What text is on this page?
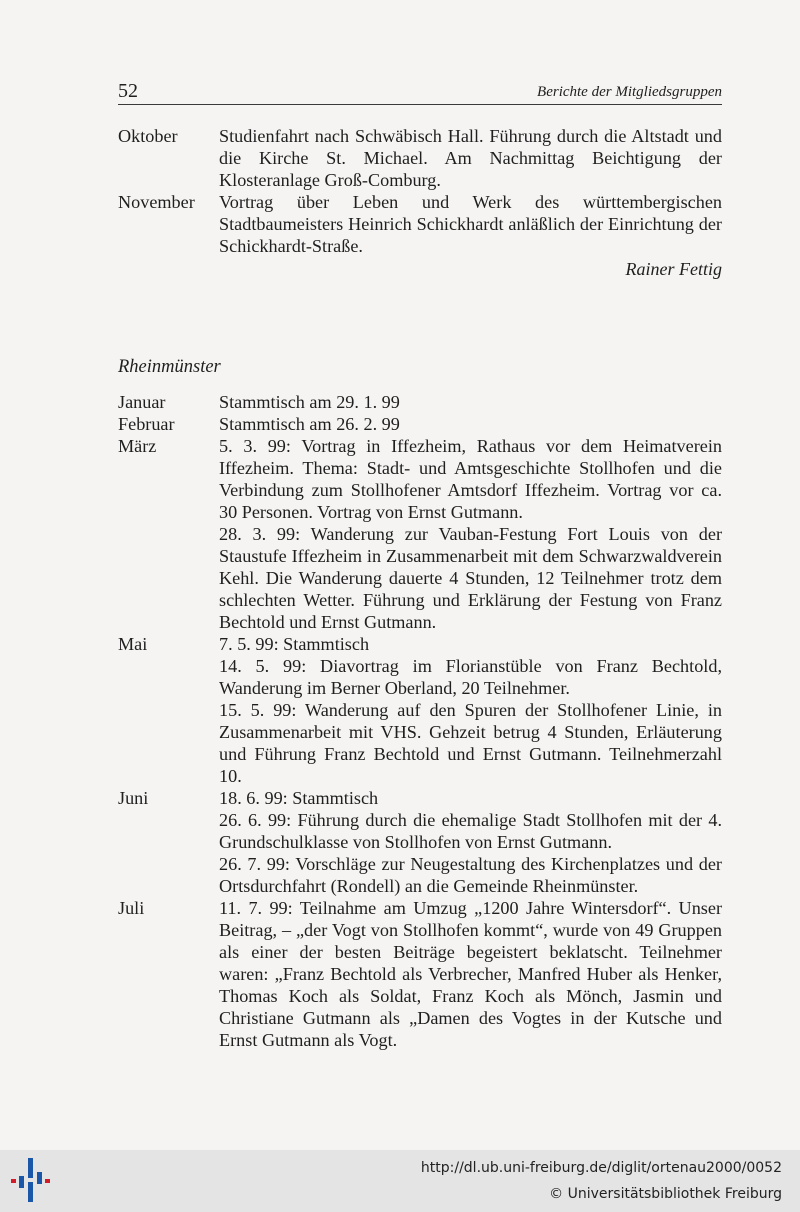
52	Berichte der Mitgliedsgruppen
Oktober	Studienfahrt nach Schwäbisch Hall. Führung durch die Altstadt und die Kirche St. Michael. Am Nachmittag Beichtigung der Klosteranlage Groß-Comburg.
November	Vortrag über Leben und Werk des württembergischen Stadtbaumeisters Heinrich Schickhardt anläßlich der Einrichtung der Schickhardt-Straße.
Rainer Fettig
Rheinmünster
Januar	Stammtisch am 29. 1. 99
Februar	Stammtisch am 26. 2. 99
März	5. 3. 99: Vortrag in Iffezheim, Rathaus vor dem Heimatverein Iffezheim. Thema: Stadt- und Amtsgeschichte Stollhofen und die Verbindung zum Stollhofener Amtsdorf Iffezheim. Vortrag vor ca. 30 Personen. Vortrag von Ernst Gutmann.
28. 3. 99: Wanderung zur Vauban-Festung Fort Louis von der Staustufe Iffezheim in Zusammenarbeit mit dem Schwarzwaldverein Kehl. Die Wanderung dauerte 4 Stunden, 12 Teilnehmer trotz dem schlechten Wetter. Führung und Erklärung der Festung von Franz Bechtold und Ernst Gutmann.
Mai	7. 5. 99: Stammtisch
14. 5. 99: Diavortrag im Florianstüble von Franz Bechtold, Wanderung im Berner Oberland, 20 Teilnehmer.
15. 5. 99: Wanderung auf den Spuren der Stollhofener Linie, in Zusammenarbeit mit VHS. Gehzeit betrug 4 Stunden, Erläuterung und Führung Franz Bechtold und Ernst Gutmann. Teilnehmerzahl 10.
Juni	18. 6. 99: Stammtisch
26. 6. 99: Führung durch die ehemalige Stadt Stollhofen mit der 4. Grundschulklasse von Stollhofen von Ernst Gutmann.
26. 7. 99: Vorschläge zur Neugestaltung des Kirchenplatzes und der Ortsdurchfahrt (Rondell) an die Gemeinde Rheinmünster.
Juli	11. 7. 99: Teilnahme am Umzug „1200 Jahre Wintersdorf“. Unser Beitrag, – „der Vogt von Stollhofen kommt“, wurde von 49 Gruppen als einer der besten Beiträge begeistert beklatscht. Teilnehmer waren: „Franz Bechtold als Verbrecher, Manfred Huber als Henker, Thomas Koch als Soldat, Franz Koch als Mönch, Jasmin und Christiane Gutmann als „Damen des Vogtes in der Kutsche und Ernst Gutmann als Vogt.
http://dl.ub.uni-freiburg.de/diglit/ortenau2000/0052
© Universitätsbibliothek Freiburg
